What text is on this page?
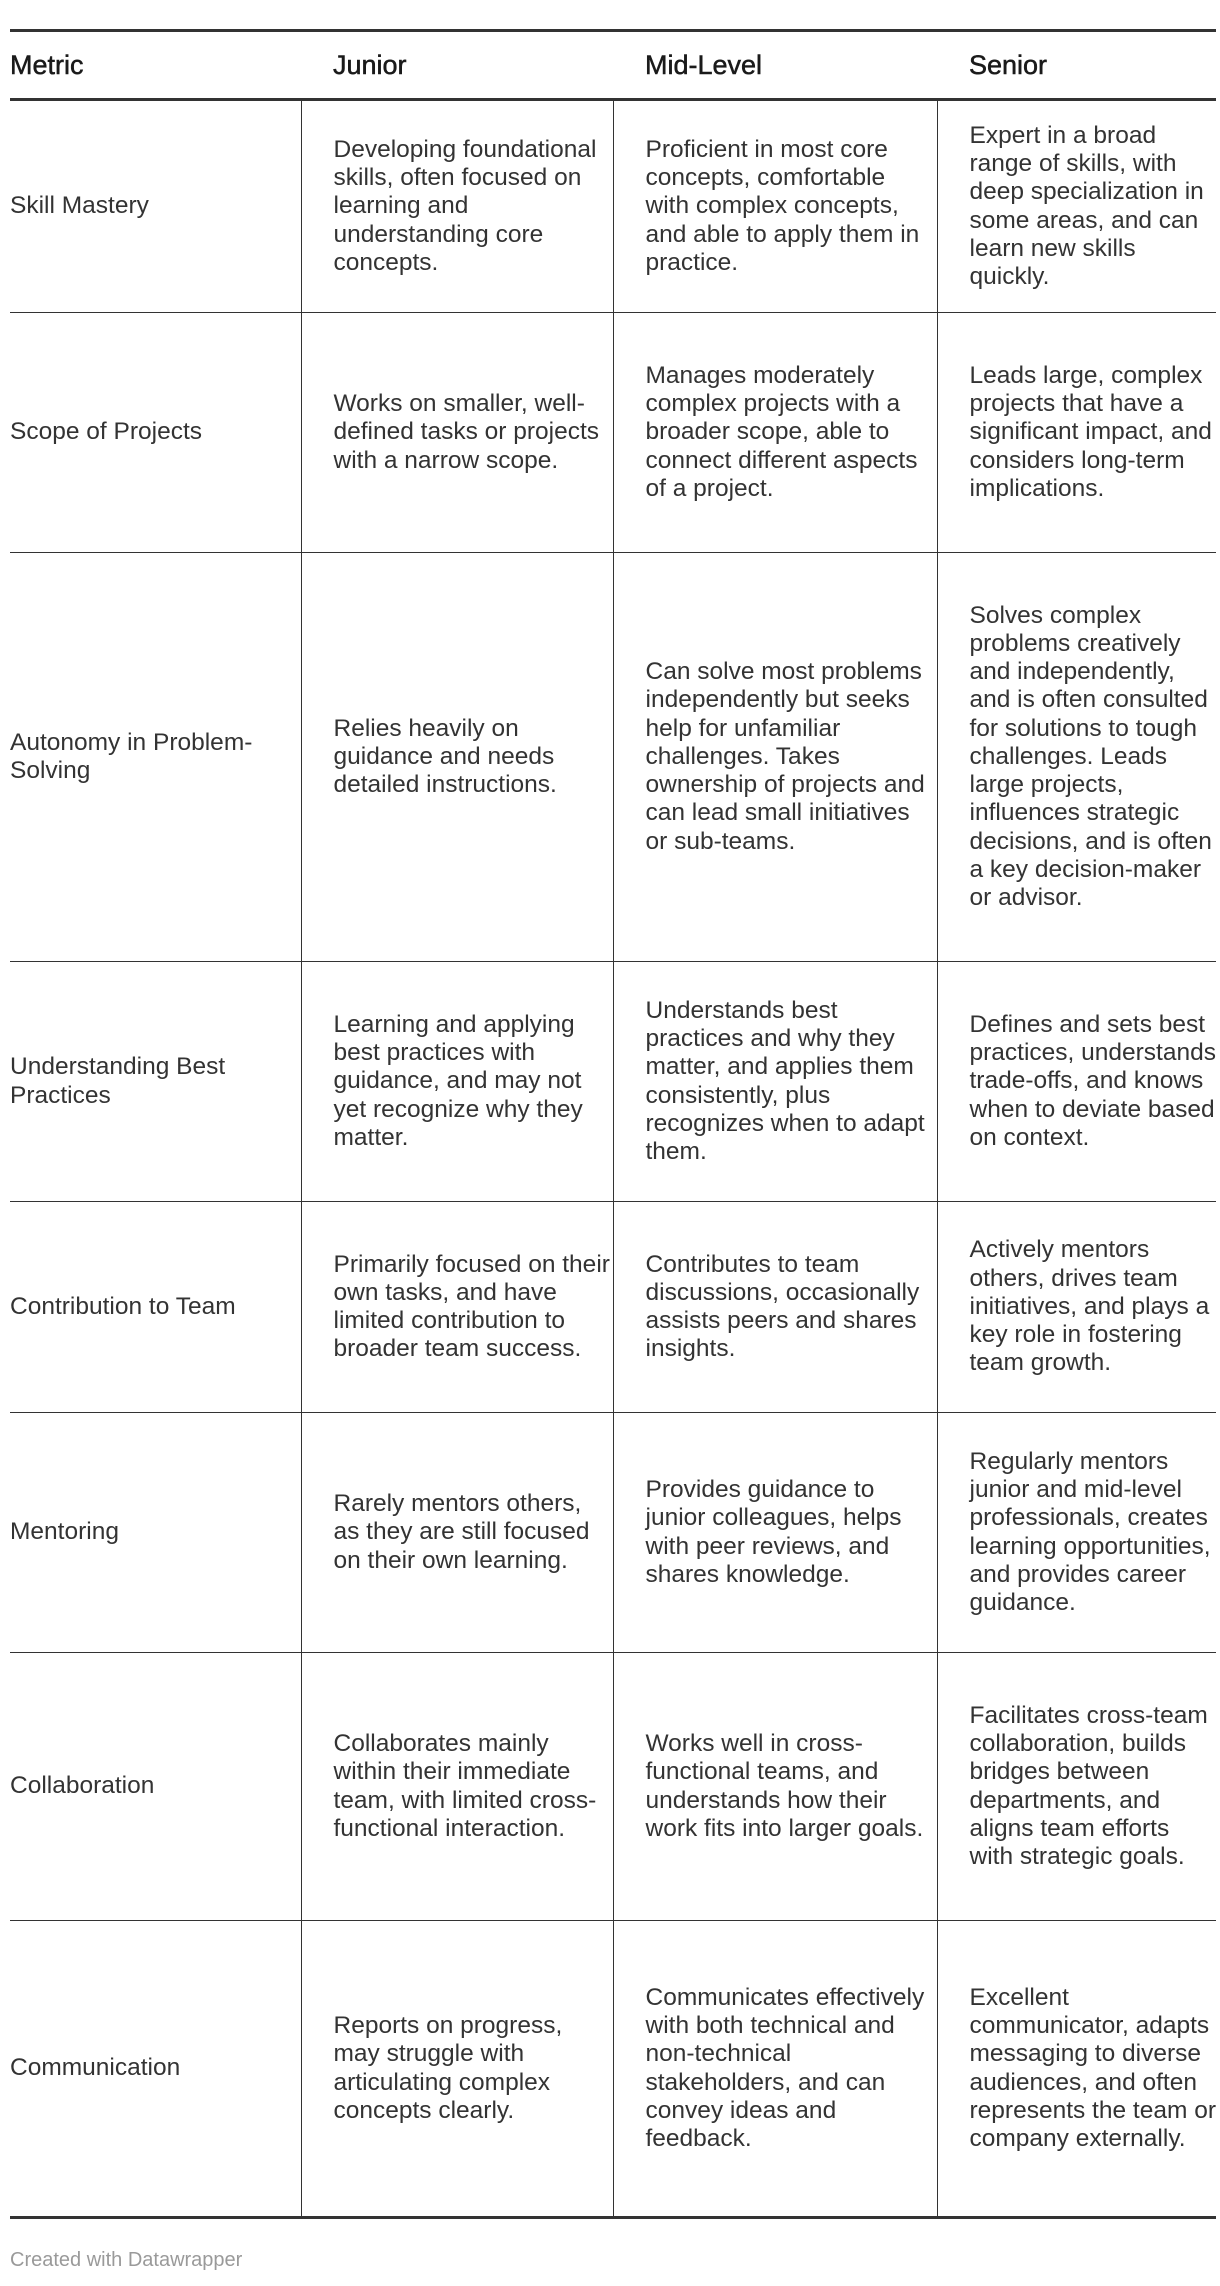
Metric	Junior	Mid-Level	Senior
Skill Mastery	Developing foundational skills, often focused on learning and understanding core concepts.	Proficient in most core concepts, comfortable with complex concepts, and able to apply them in practice.	Expert in a broad range of skills, with deep specialization in some areas, and can learn new skills quickly.
Scope of Projects	Works on smaller, well-defined tasks or projects with a narrow scope.	Manages moderately complex projects with a broader scope, able to connect different aspects of a project.	Leads large, complex projects that have a significant impact, and considers long-term implications.
Autonomy in Problem-Solving	Relies heavily on guidance and needs detailed instructions.	Can solve most problems independently but seeks help for unfamiliar challenges. Takes ownership of projects and can lead small initiatives or sub-teams.	Solves complex problems creatively and independently, and is often consulted for solutions to tough challenges. Leads large projects, influences strategic decisions, and is often a key decision-maker or advisor.
Understanding Best Practices	Learning and applying best practices with guidance, and may not yet recognize why they matter.	Understands best practices and why they matter, and applies them consistently, plus recognizes when to adapt them.	Defines and sets best practices, understands trade-offs, and knows when to deviate based on context.
Contribution to Team	Primarily focused on their own tasks, and have limited contribution to broader team success.	Contributes to team discussions, occasionally assists peers and shares insights.	Actively mentors others, drives team initiatives, and plays a key role in fostering team growth.
Mentoring	Rarely mentors others, as they are still focused on their own learning.	Provides guidance to junior colleagues, helps with peer reviews, and shares knowledge.	Regularly mentors junior and mid-level professionals, creates learning opportunities, and provides career guidance.
Collaboration	Collaborates mainly within their immediate team, with limited cross-functional interaction.	Works well in cross-functional teams, and understands how their work fits into larger goals.	Facilitates cross-team collaboration, builds bridges between departments, and aligns team efforts with strategic goals.
Communication	Reports on progress, may struggle with articulating complex concepts clearly.	Communicates effectively with both technical and non-technical stakeholders, and can convey ideas and feedback.	Excellent communicator, adapts messaging to diverse audiences, and often represents the team or company externally.
Created with Datawrapper
